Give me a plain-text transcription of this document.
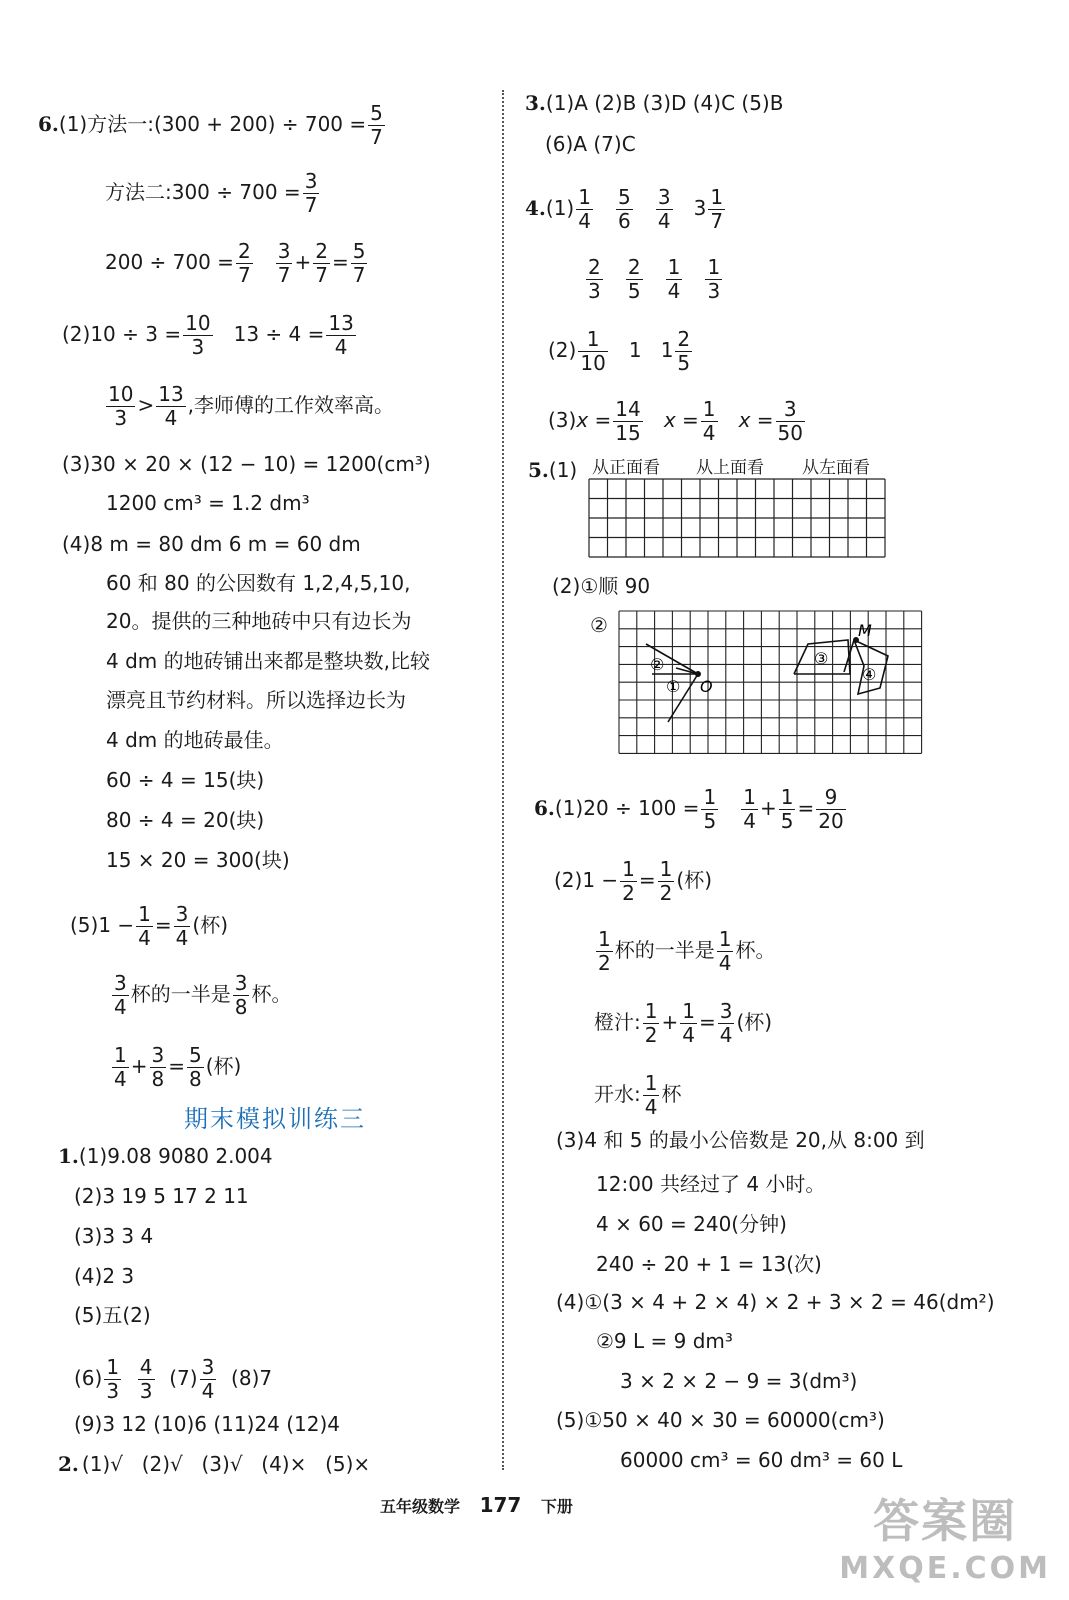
6.(1)方法一:(300 + $200) \div 700 = \frac{5}{7}$
方法二:300 ÷ $700 = \frac{3}{7}$
$200 \div 700 = \frac{2}{7}$
$\frac{3}{7} + \frac{2}{7} = \frac{5}{7}$
$(2)10 \div 3 = \frac{10}{3} 13 \div 4 = \frac{13}{4}$
$\frac{10}{3} > \frac{13}{4}$ ,李师傅的工作效率高。
(3)30 × 20 × (12 − 10) = 1200(cm³)
1200 cm³ = 1.2 dm³
(4)8 m = 80 dm 6 m = 60 dm
60 和 80 的公因数有 1,2,4,5,10,
20。提供的三种地砖中只有边长为
4 dm 的地砖铺出来都是整块数,比较
漂亮且节约材料。所以选择边长为
4 dm 的地砖最佳。
60 ÷ 4 = 15(块)
80 ÷ 4 = 20(块)
15 × 20 = 300(块)
$(5)1 - \frac{1}{4} = \frac{3}{4}$ (杯)
$\frac{3}{4}$ 杯的一半是 $\frac{3}{8}$ 杯。
$\frac{1}{4} + \frac{3}{8} = \frac{5}{8}$ (杯)
期末模拟训练三
1.(1)9.08 9080 2.004
(2)3 19 5 17 2 11
(3)3 3 4
(4)2 3
(5)五(2)
$(6) \frac{1}{3}$
$\frac{4}{3} (7) \frac{3}{4} (8)7$
(9)3 12 (10)6 (11)24 (12)4
2. (1)√ (2)√ (3)√ (4)× (5)×
3.(1)A (2)B (3)D (4)C (5)B
(6)A (7)C
$4.(1) \frac{1}{4}$
$\frac{5}{6}$
$\frac{3}{4} 3 \frac{1}{7}$
$\frac{2}{3}$
$\frac{2}{5}$
$\frac{1}{4}$
$\frac{1}{3}$
$(2) \frac{1}{10} 1$ $1 \frac{2}{5}$
$(3)x = \frac{14}{15}$ $x = \frac{1}{4}$ $x = \frac{3}{50}$
5.(1) 从正面看 从上面看 从左面看
(2)①顺 90
②
②
① O
③
M
④
$6.(1)20 \div 100 = \frac{1}{5}$
$\frac{1}{4} + \frac{1}{5} = \frac{9}{20}$
$(2)1 - \frac{1}{2} = \frac{1}{2}$ (杯)
$\frac{1}{2}$ 杯的一半是 $\frac{1}{4}$ 杯。
橙汁: $\frac{1}{2} + \frac{1}{4} = \frac{3}{4}$ (杯)
开水: $\frac{1}{4}$ 杯
(3)4 和 5 的最小公倍数是 20,从 8:00 到
12:00 共经过了 4 小时。
4 × 60 = 240(分钟)
240 ÷ 20 + 1 = 13(次)
(4)①(3 × 4 + 2 × 4) × 2 + 3 × 2 = 46(dm²)
②9 L = 9 dm³
3 × 2 × 2 − 9 = 3(dm³)
(5)①50 × 40 × 30 = 60000(cm³)
60000 cm³ = 60 dm³ = 60 L
五年级数学 177 下册	答案圈
MXQE.COM
